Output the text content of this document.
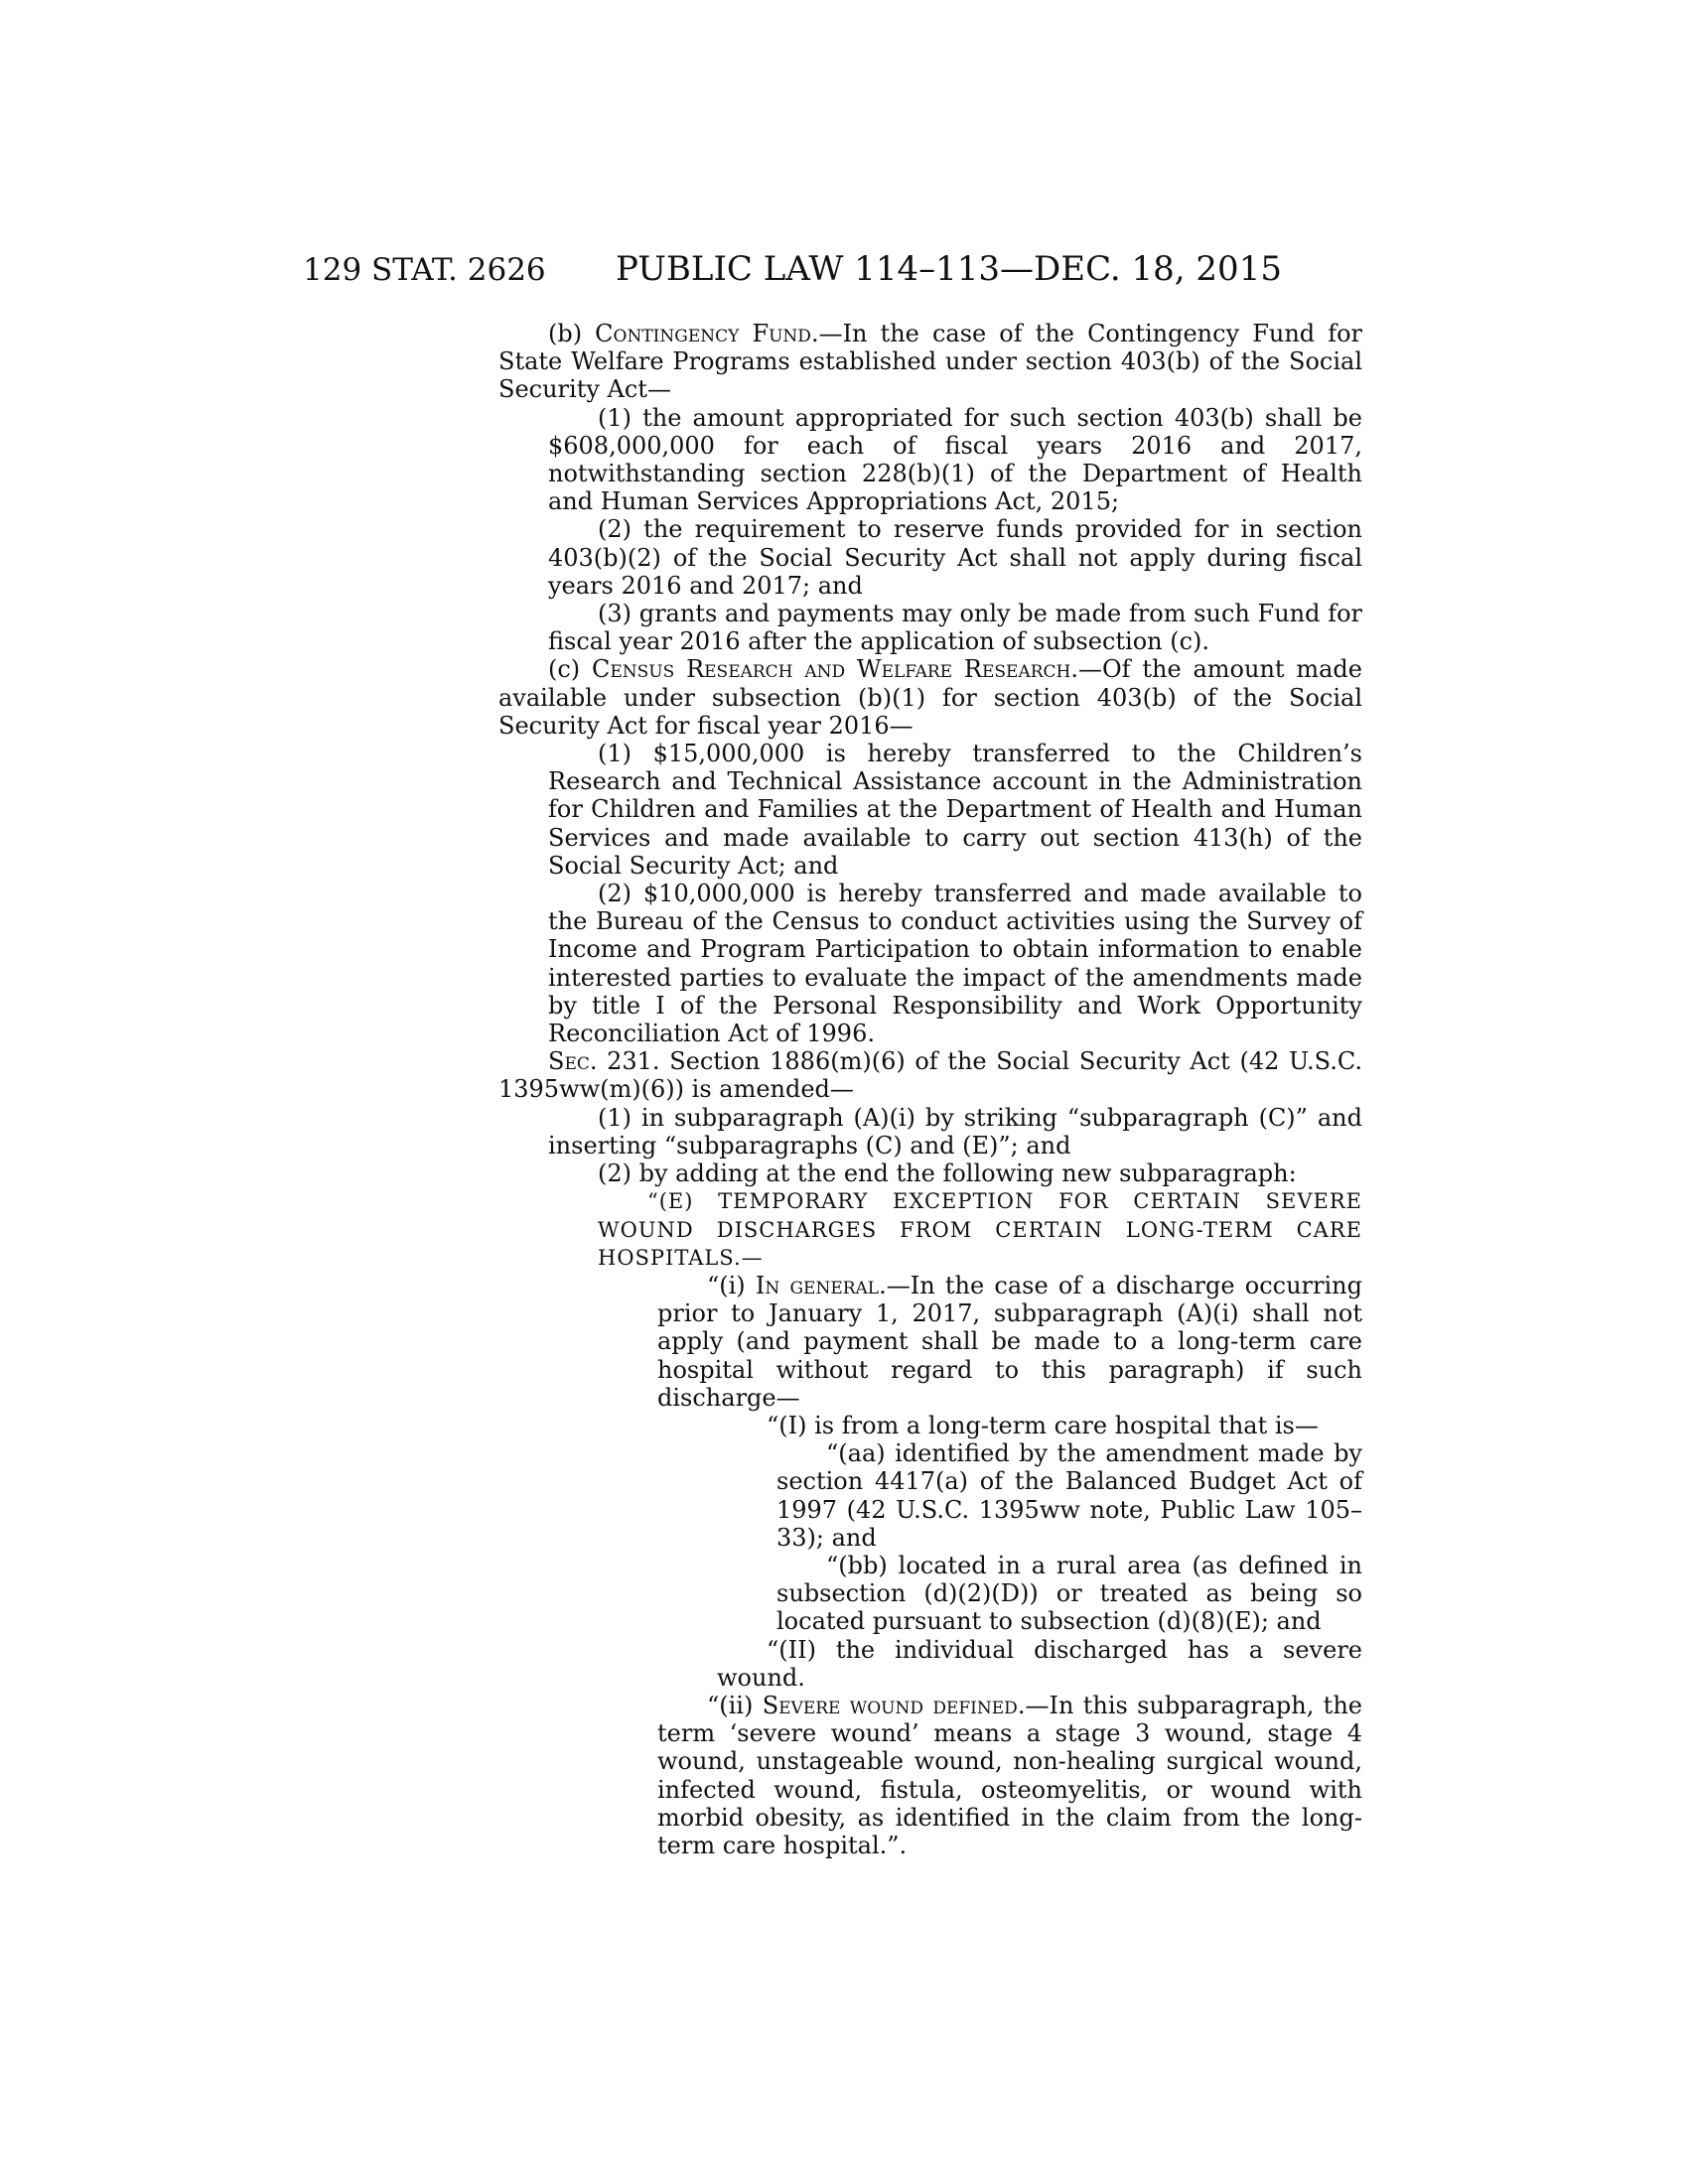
129 STAT. 2626 PUBLIC LAW 114–113—DEC. 18, 2015

(b) Contingency Fund.—In the case of the Contingency Fund for State Welfare Programs established under section 403(b) of the Social Security Act—

(1) the amount appropriated for such section 403(b) shall be $608,000,000 for each of fiscal years 2016 and 2017, notwithstanding section 228(b)(1) of the Department of Health and Human Services Appropriations Act, 2015;

(2) the requirement to reserve funds provided for in section 403(b)(2) of the Social Security Act shall not apply during fiscal years 2016 and 2017; and

(3) grants and payments may only be made from such Fund for fiscal year 2016 after the application of subsection (c).

(c) Census Research and Welfare Research.—Of the amount made available under subsection (b)(1) for section 403(b) of the Social Security Act for fiscal year 2016—

(1) $15,000,000 is hereby transferred to the Children’s Research and Technical Assistance account in the Administration for Children and Families at the Department of Health and Human Services and made available to carry out section 413(h) of the Social Security Act; and

(2) $10,000,000 is hereby transferred and made available to the Bureau of the Census to conduct activities using the Survey of Income and Program Participation to obtain information to enable interested parties to evaluate the impact of the amendments made by title I of the Personal Responsibility and Work Opportunity Reconciliation Act of 1996.

Sec. 231. Section 1886(m)(6) of the Social Security Act (42 U.S.C. 1395ww(m)(6)) is amended—

(1) in subparagraph (A)(i) by striking “subparagraph (C)” and inserting “subparagraphs (C) and (E)”; and

(2) by adding at the end the following new subparagraph:

“(E) TEMPORARY EXCEPTION FOR CERTAIN SEVERE WOUND DISCHARGES FROM CERTAIN LONG-TERM CARE HOSPITALS.—

“(i) In general.—In the case of a discharge occurring prior to January 1, 2017, subparagraph (A)(i) shall not apply (and payment shall be made to a long-term care hospital without regard to this paragraph) if such discharge—

“(I) is from a long-term care hospital that is—

“(aa) identified by the amendment made by section 4417(a) of the Balanced Budget Act of 1997 (42 U.S.C. 1395ww note, Public Law 105–33); and

“(bb) located in a rural area (as defined in subsection (d)(2)(D)) or treated as being so located pursuant to subsection (d)(8)(E); and

“(II) the individual discharged has a severe wound.

“(ii) Severe wound defined.—In this subparagraph, the term ‘severe wound’ means a stage 3 wound, stage 4 wound, unstageable wound, non-healing surgical wound, infected wound, fistula, osteomyelitis, or wound with morbid obesity, as identified in the claim from the long-term care hospital.”.
